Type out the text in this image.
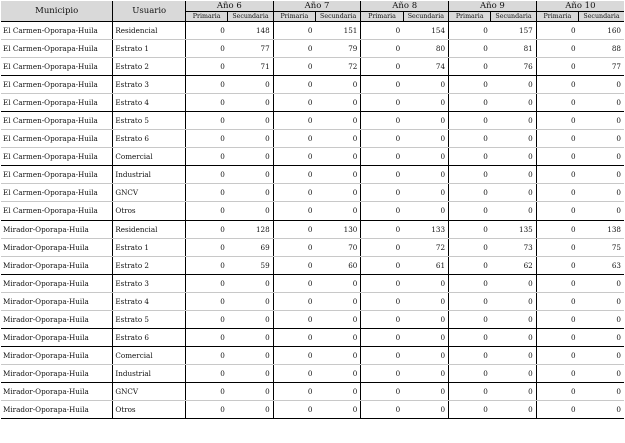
Municipio	Usuario	Año 6		Año 7		Año 8		Año 9		Año 10	
		Primaria	Secundaria	Primaria	Secundaria	Primaria	Secundaria	Primaria	Secundaria	Primaria	Secundaria
El Carmen-Oporapa-Huila	Residencial	0	148	0	151	0	154	0	157	0	160
El Carmen-Oporapa-Huila	Estrato 1	0	77	0	79	0	80	0	81	0	88
El Carmen-Oporapa-Huila	Estrato 2	0	71	0	72	0	74	0	76	0	77
El Carmen-Oporapa-Huila	Estrato 3	0	0	0	0	0	0	0	0	0	0
El Carmen-Oporapa-Huila	Estrato 4	0	0	0	0	0	0	0	0	0	0
El Carmen-Oporapa-Huila	Estrato 5	0	0	0	0	0	0	0	0	0	0
El Carmen-Oporapa-Huila	Estrato 6	0	0	0	0	0	0	0	0	0	0
El Carmen-Oporapa-Huila	Comercial	0	0	0	0	0	0	0	0	0	0
El Carmen-Oporapa-Huila	Industrial	0	0	0	0	0	0	0	0	0	0
El Carmen-Oporapa-Huila	GNCV	0	0	0	0	0	0	0	0	0	0
El Carmen-Oporapa-Huila	Otros	0	0	0	0	0	0	0	0	0	0
Mirador-Oporapa-Huila	Residencial	0	128	0	130	0	133	0	135	0	138
Mirador-Oporapa-Huila	Estrato 1	0	69	0	70	0	72	0	73	0	75
Mirador-Oporapa-Huila	Estrato 2	0	59	0	60	0	61	0	62	0	63
Mirador-Oporapa-Huila	Estrato 3	0	0	0	0	0	0	0	0	0	0
Mirador-Oporapa-Huila	Estrato 4	0	0	0	0	0	0	0	0	0	0
Mirador-Oporapa-Huila	Estrato 5	0	0	0	0	0	0	0	0	0	0
Mirador-Oporapa-Huila	Estrato 6	0	0	0	0	0	0	0	0	0	0
Mirador-Oporapa-Huila	Comercial	0	0	0	0	0	0	0	0	0	0
Mirador-Oporapa-Huila	Industrial	0	0	0	0	0	0	0	0	0	0
Mirador-Oporapa-Huila	GNCV	0	0	0	0	0	0	0	0	0	0
Mirador-Oporapa-Huila	Otros	0	0	0	0	0	0	0	0	0	0
